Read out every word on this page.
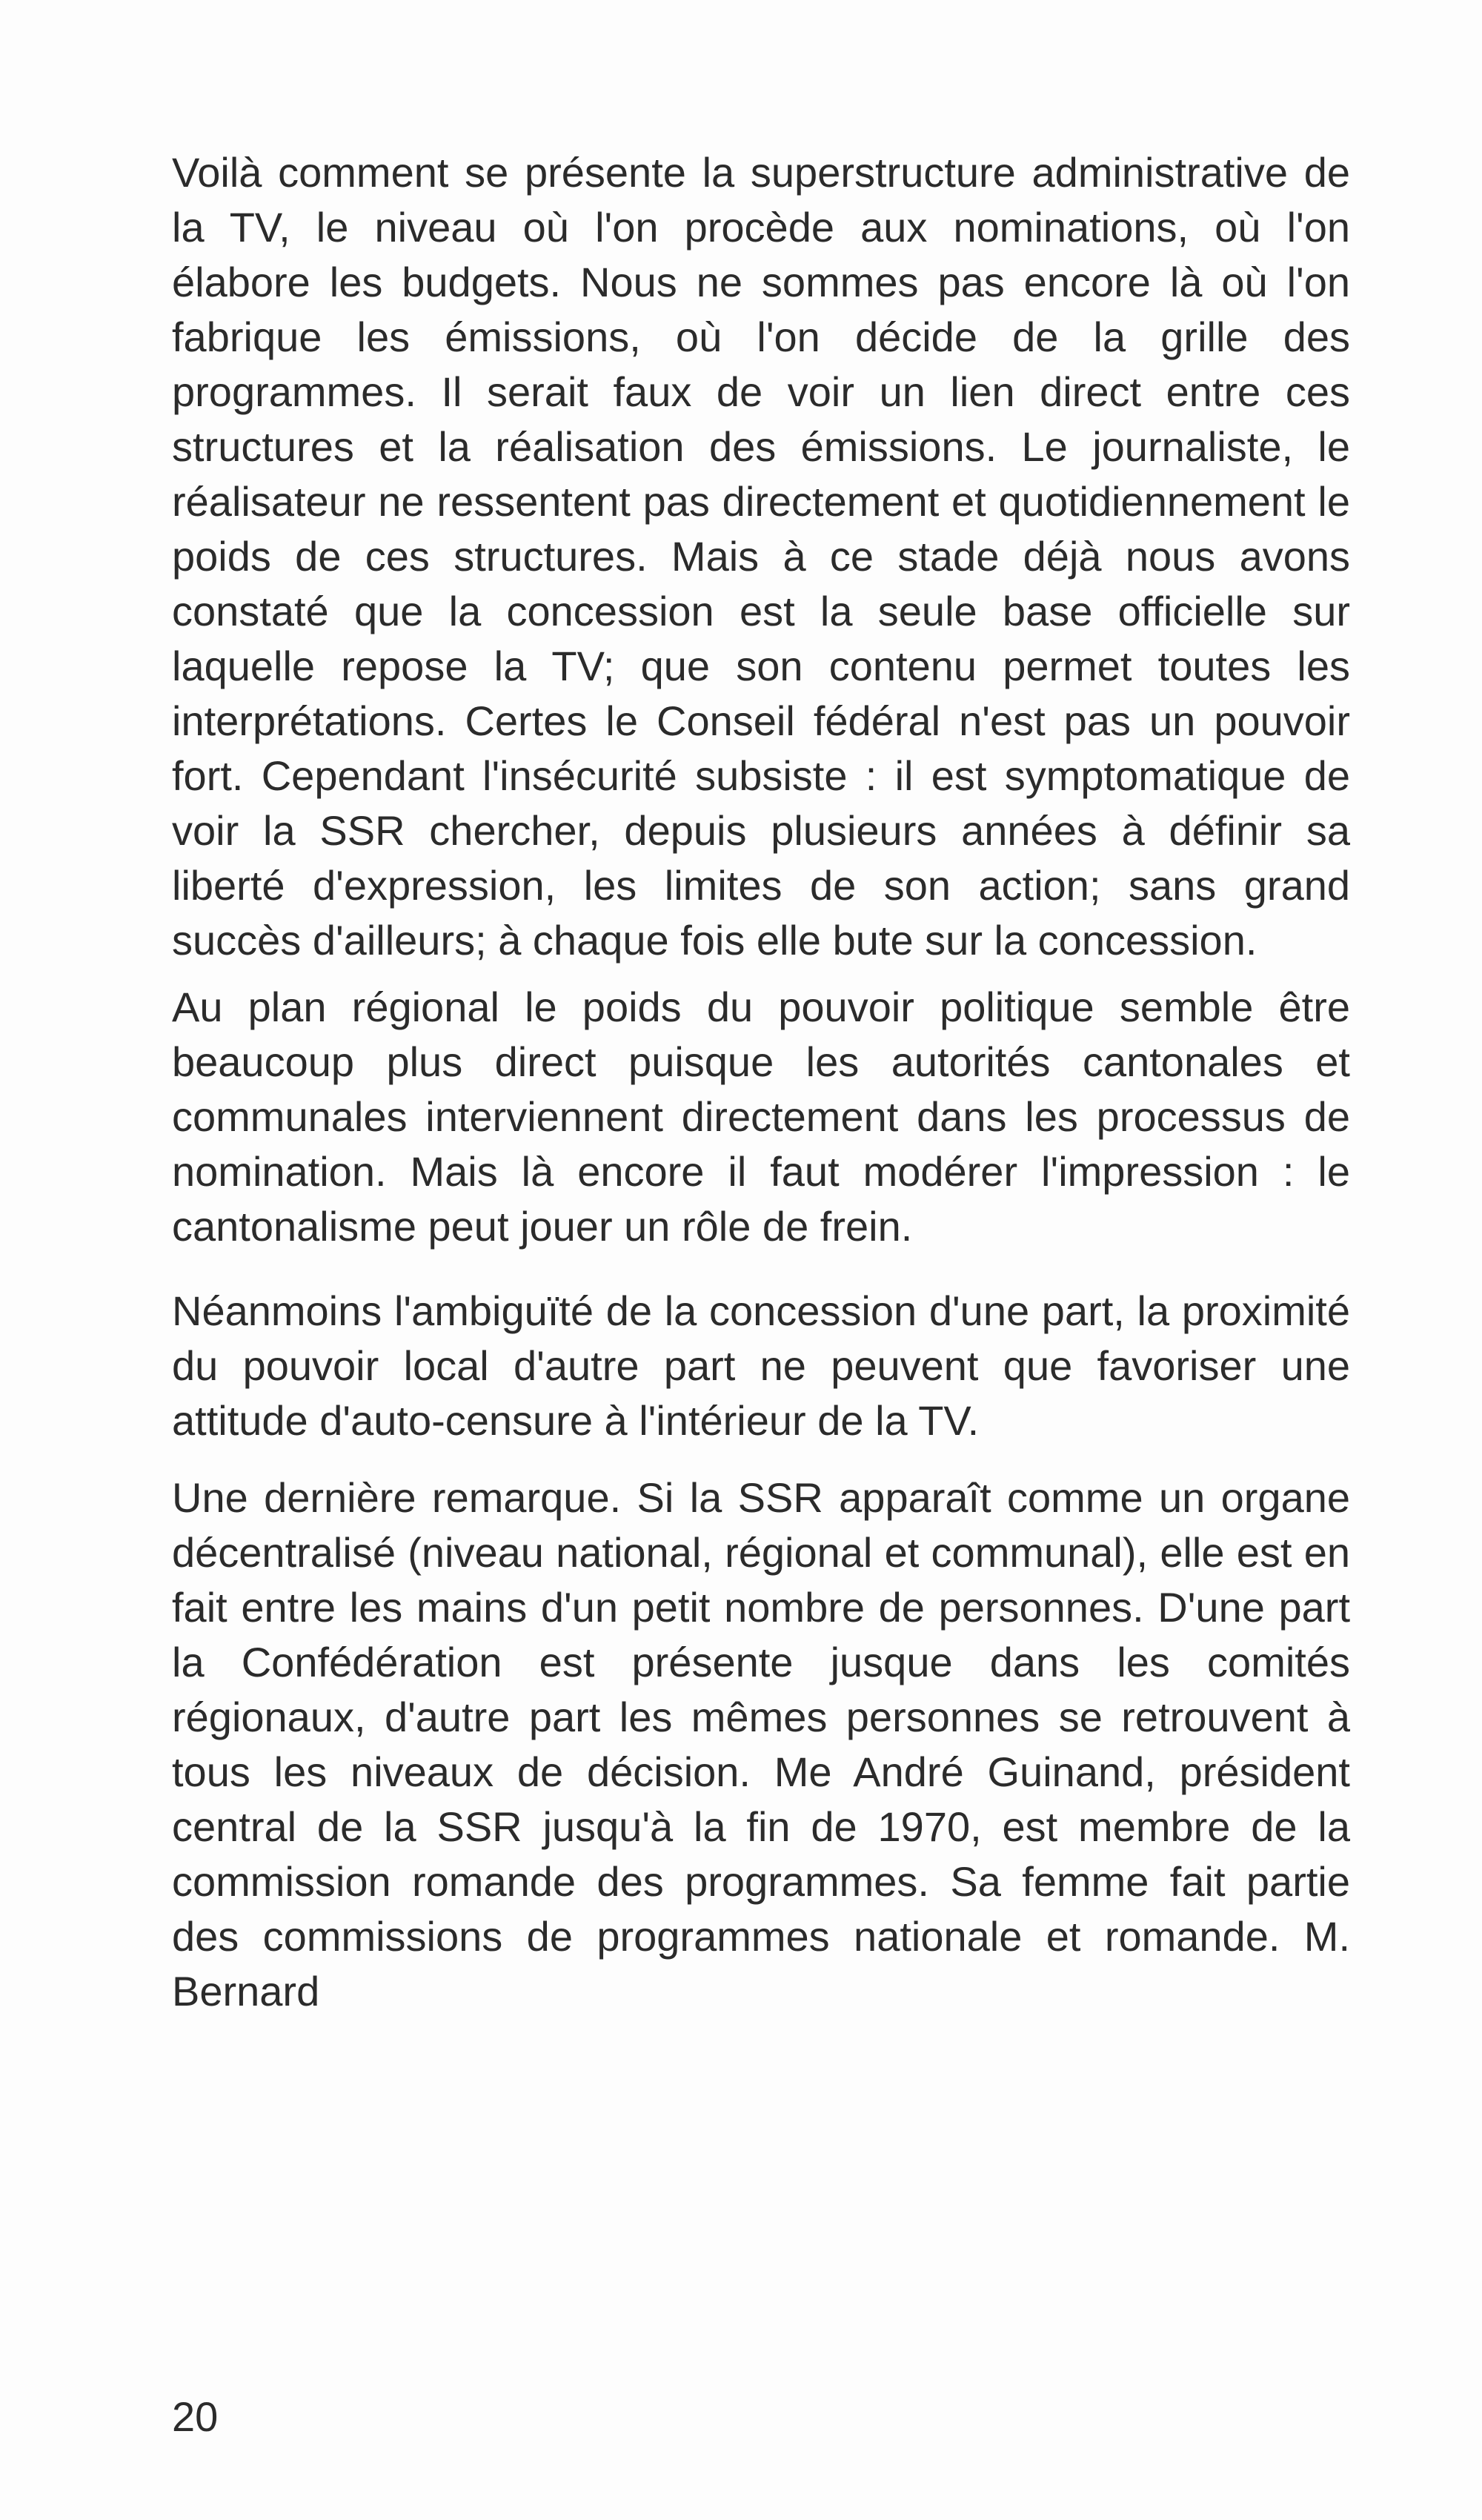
Voilà comment se présente la superstructure administrative de la TV, le niveau où l'on procède aux nominations, où l'on élabore les budgets. Nous ne sommes pas encore là où l'on fabrique les émissions, où l'on décide de la grille des programmes. Il serait faux de voir un lien direct entre ces structures et la réalisation des émissions. Le journaliste, le réalisateur ne ressentent pas directement et quotidiennement le poids de ces structures. Mais à ce stade déjà nous avons constaté que la concession est la seule base officielle sur laquelle repose la TV; que son contenu permet toutes les interprétations. Certes le Conseil fédéral n'est pas un pouvoir fort. Cependant l'insécurité subsiste : il est symptomatique de voir la SSR chercher, depuis plusieurs années à définir sa liberté d'expression, les limites de son action; sans grand succès d'ailleurs; à chaque fois elle bute sur la concession.

Au plan régional le poids du pouvoir politique semble être beaucoup plus direct puisque les autorités cantonales et communales interviennent directement dans les processus de nomination. Mais là encore il faut modérer l'impression : le cantonalisme peut jouer un rôle de frein.

Néanmoins l'ambiguïté de la concession d'une part, la proximité du pouvoir local d'autre part ne peuvent que favoriser une attitude d'auto-censure à l'intérieur de la TV.

Une dernière remarque. Si la SSR apparaît comme un organe décentralisé (niveau national, régional et communal), elle est en fait entre les mains d'un petit nombre de personnes. D'une part la Confédération est présente jusque dans les comités régionaux, d'autre part les mêmes personnes se retrouvent à tous les niveaux de décision. Me André Guinand, président central de la SSR jusqu'à la fin de 1970, est membre de la commission romande des programmes. Sa femme fait partie des commissions de programmes nationale et romande. M. Bernard

20
